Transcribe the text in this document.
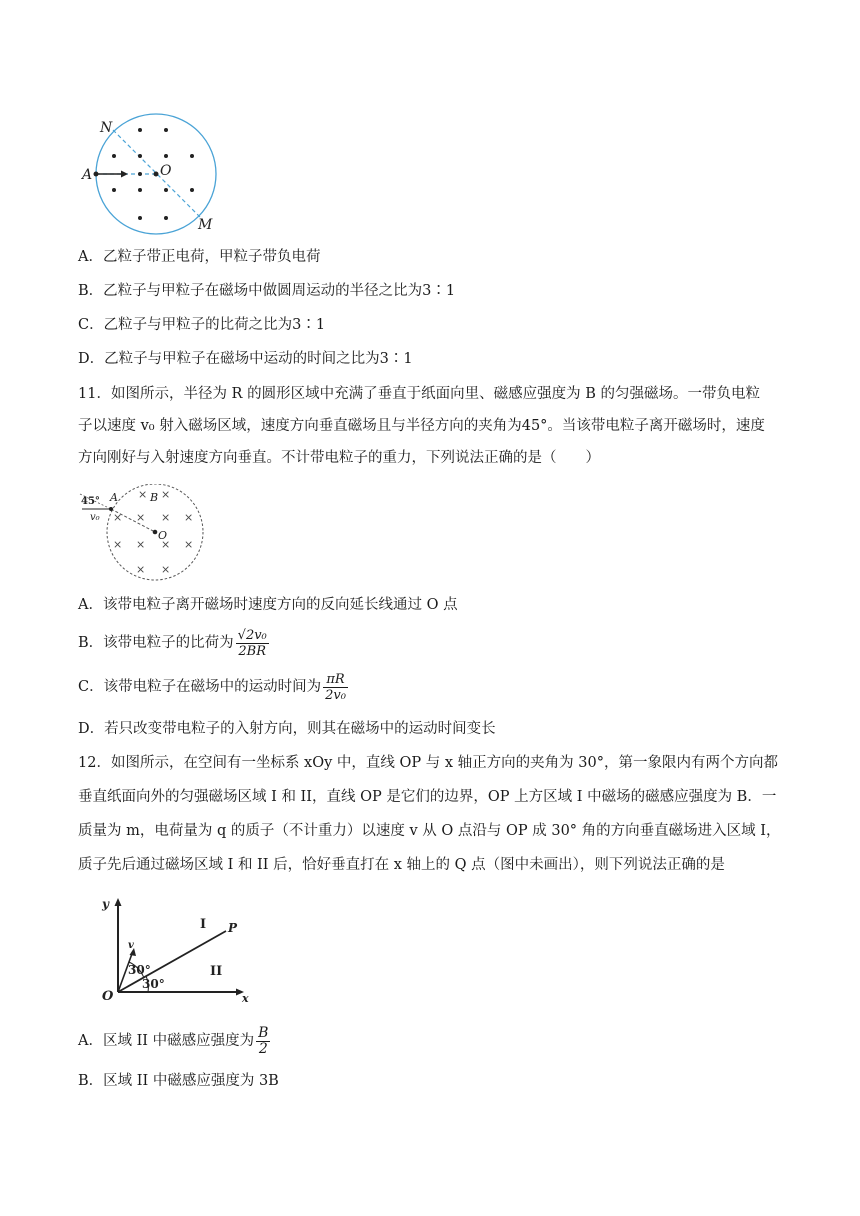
N
O
A
M
A．乙粒子带正电荷，甲粒子带负电荷
B．乙粒子与甲粒子在磁场中做圆周运动的半径之比为3∶1
C．乙粒子与甲粒子的比荷之比为3∶1
D．乙粒子与甲粒子在磁场中运动的时间之比为3∶1
11．如图所示，半径为 R 的圆形区域中充满了垂直于纸面向里、磁感应强度为 B 的匀强磁场。一带负电粒
子以速度 v₀ 射入磁场区域，速度方向垂直磁场且与半径方向的夹角为45°。当该带电粒子离开磁场时，速度
方向刚好与入射速度方向垂直。不计带电粒子的重力，下列说法正确的是（　　）
× ×
× × × ×
× × × ×
× ×
45° A	B
v₀
O
A．该带电粒子离开磁场时速度方向的反向延长线通过 O 点
B．该带电粒子的比荷为 $\frac{\text{√2v₀}}{2BR}$
C．该带电粒子在磁场中的运动时间为 $\frac{\pi R}{\text{2v₀}}$
D．若只改变带电粒子的入射方向，则其在磁场中的运动时间变长
12．如图所示，在空间有一坐标系 xOy 中，直线 OP 与 x 轴正方向的夹角为 30°，第一象限内有两个方向都
垂直纸面向外的匀强磁场区域 I 和 II，直线 OP 是它们的边界，OP 上方区域 I 中磁场的磁感应强度为 B．一
质量为 m，电荷量为 q 的质子（不计重力）以速度 v 从 O 点沿与 OP 成 30° 角的方向垂直磁场进入区域 I，
质子先后通过磁场区域 I 和 II 后，恰好垂直打在 x 轴上的 Q 点（图中未画出），则下列说法正确的是
y
x
O
P
I
II
v
30°
30°
A．区域 II 中磁感应强度为 $\frac{B}{2}$
B．区域 II 中磁感应强度为 3B
